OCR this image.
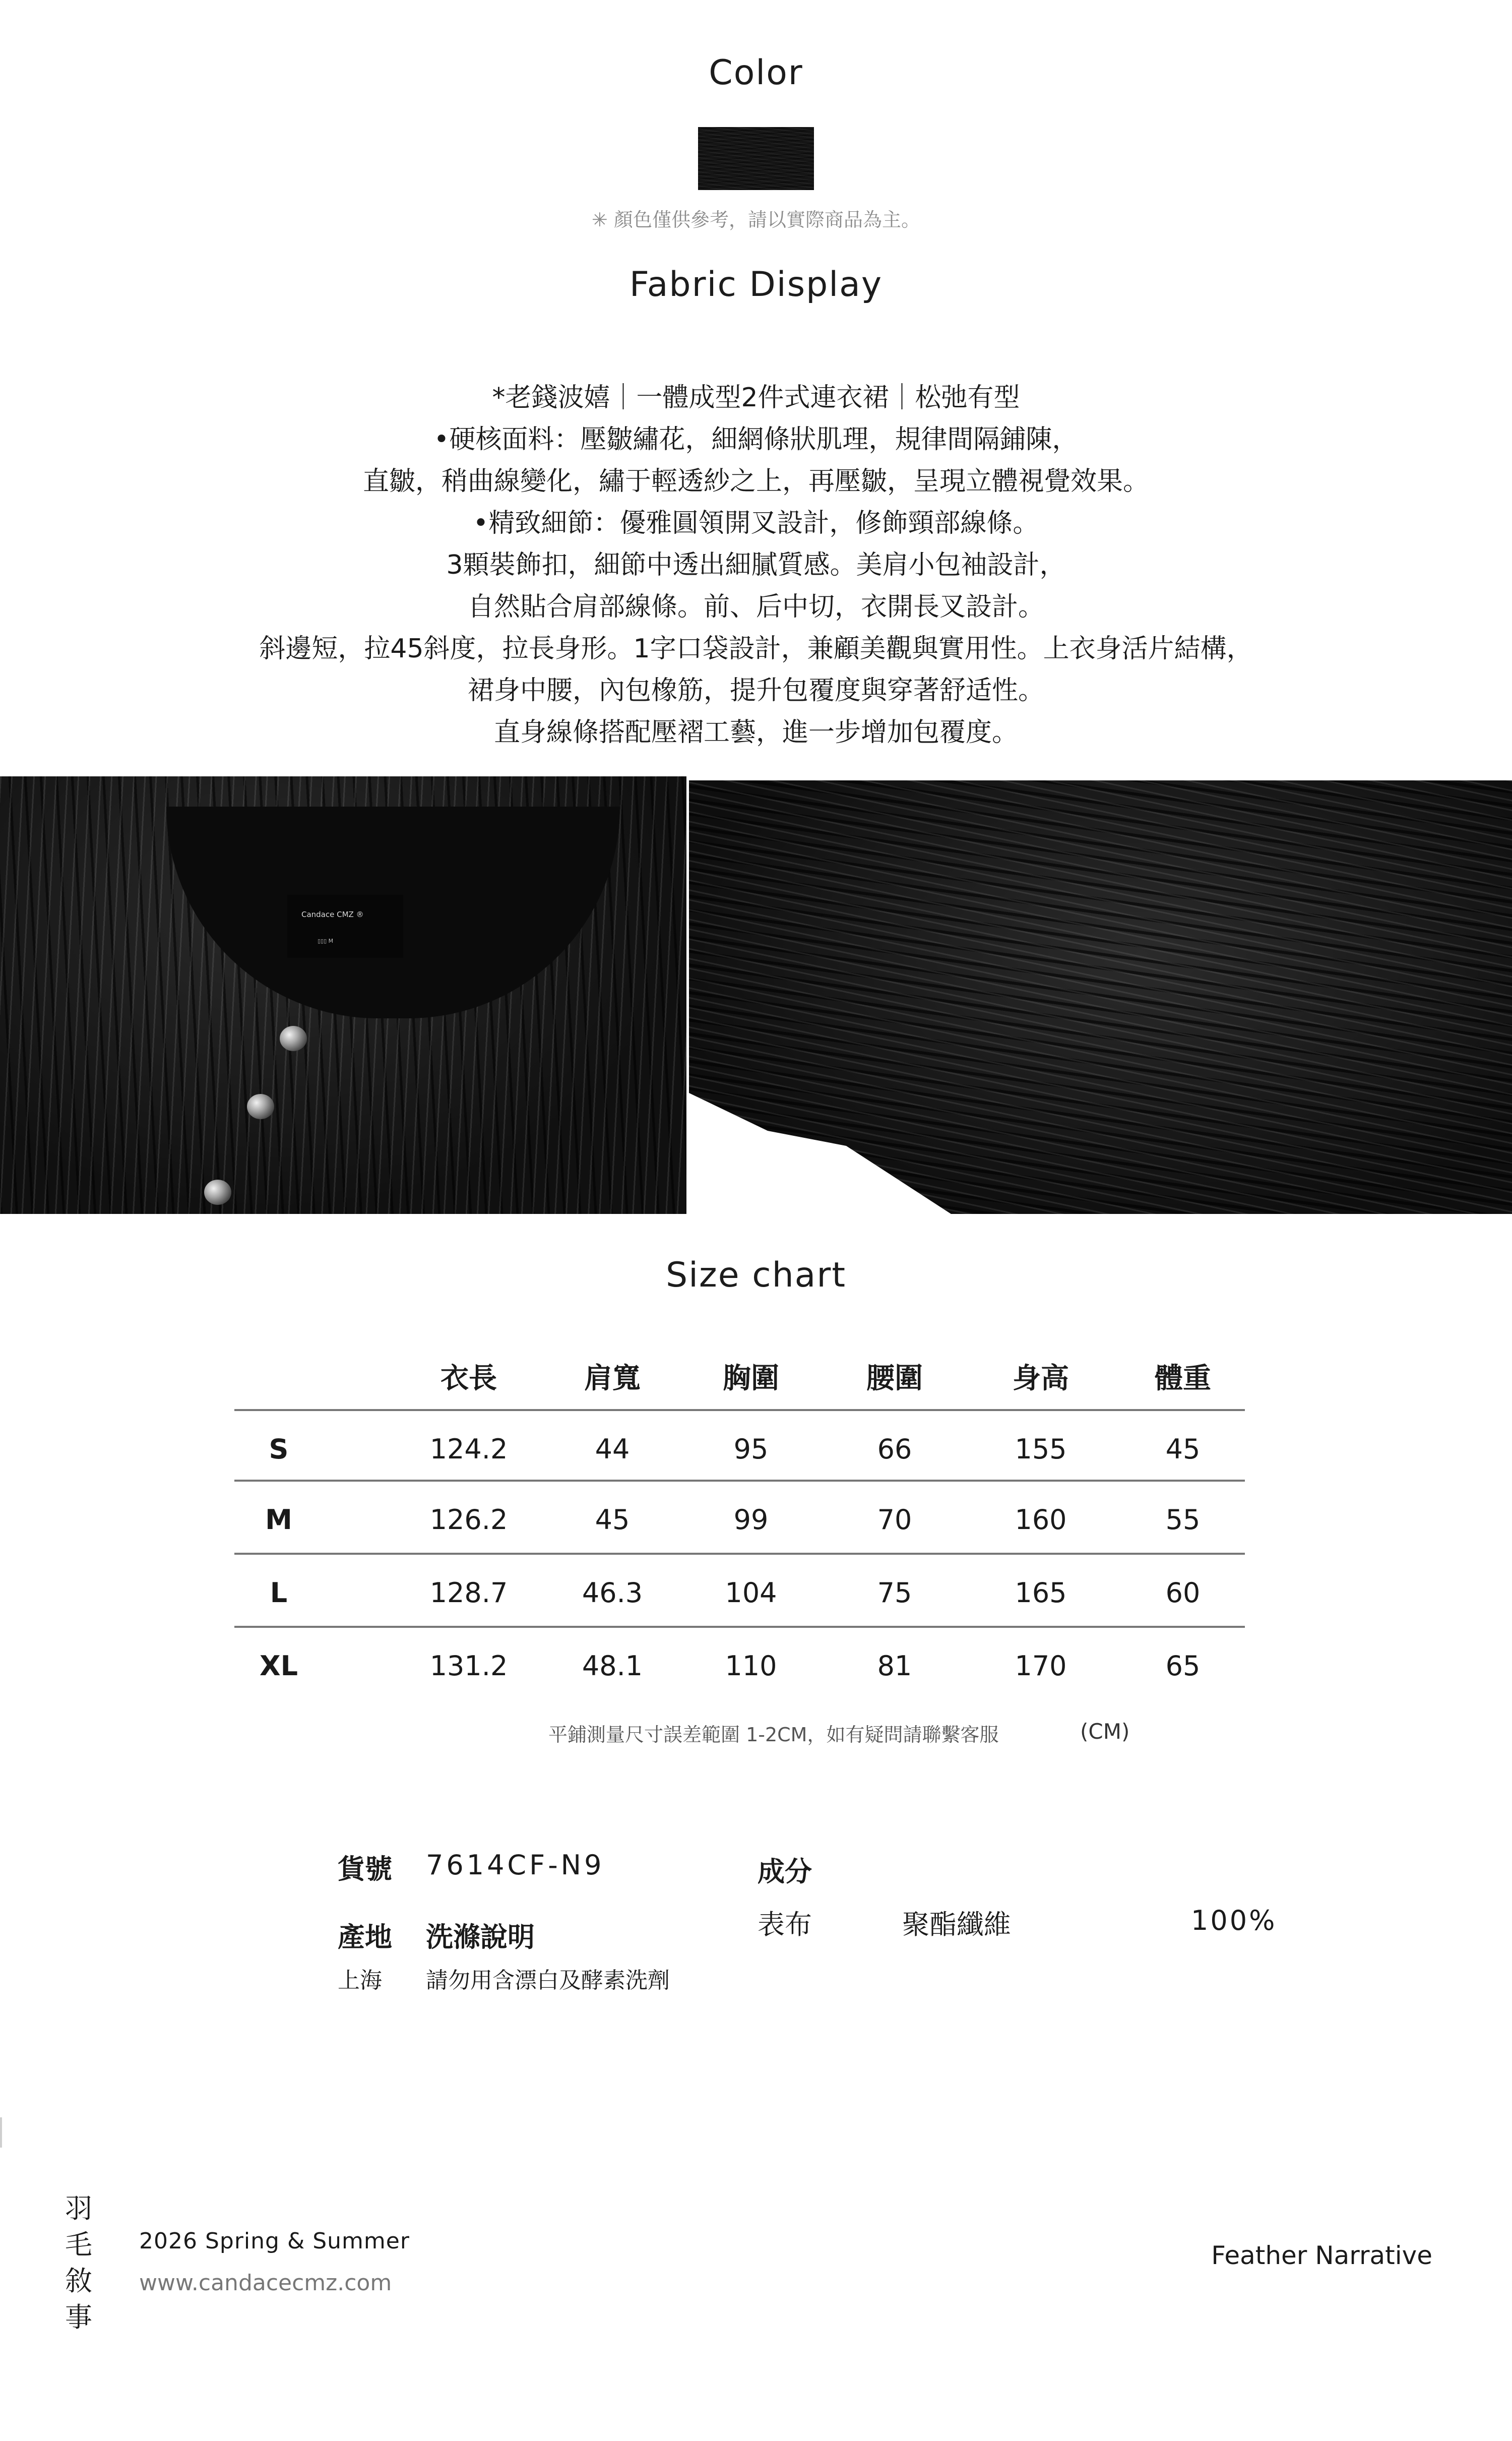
Color
✳ 顏色僅供參考，請以實際商品為主。
Fabric Display
*老錢波嬉｜一體成型2件式連衣裙｜松弛有型
•硬核面料：壓皺繡花，細網條狀肌理，規律間隔鋪陳，
直皺，稍曲線變化，繡于輕透紗之上，再壓皺，呈現立體視覺效果。
•精致細節：優雅圓領開叉設計，修飾頸部線條。
3顆裝飾扣，細節中透出細膩質感。美肩小包袖設計，
自然貼合肩部線條。前、后中切，衣開長叉設計。
斜邊短，拉45斜度，拉長身形。1字口袋設計，兼顧美觀與實用性。上衣身活片結構，
裙身中腰，內包橡筋，提升包覆度與穿著舒适性。
直身線條搭配壓褶工藝，進一步增加包覆度。
Candace CMZ ®
▯▯▯ M
Size chart
衣長	肩寬	胸圍	腰圍	身高	體重
S	124.2	44	95	66	155	45
M	126.2	45	99	70	160	55
L	128.7	46.3	104	75	165	60
XL	131.2	48.1	110	81	170	65
平鋪測量尺寸誤差範圍 1-2CM，如有疑問請聯繫客服	(CM)
貨號 7614CF-N9
產地
上海
洗滌說明
請勿用含漂白及酵素洗劑
成分
表布	聚酯纖維	100%
羽
毛
敘
事
2026 Spring & Summer
www.candacecmz.com
Feather Narrative
